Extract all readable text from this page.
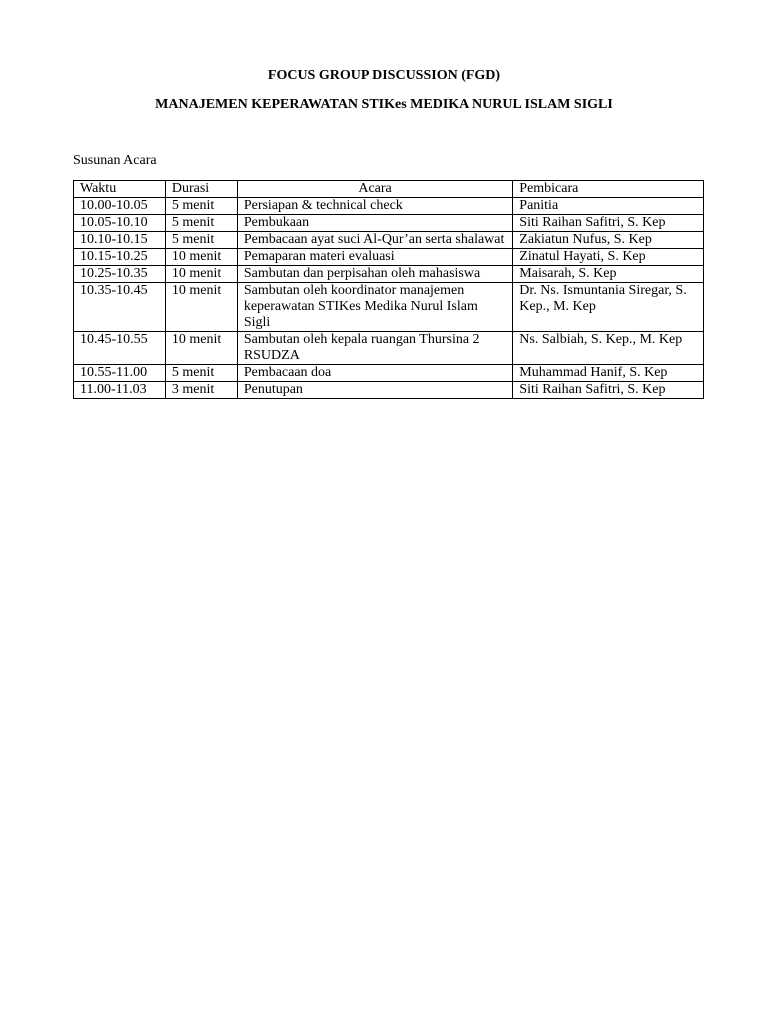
FOCUS GROUP DISCUSSION (FGD)

MANAJEMEN KEPERAWATAN STIKes MEDIKA NURUL ISLAM SIGLI

Susunan Acara

Waktu	Durasi	Acara	Pembicara
10.00-10.05	5 menit	Persiapan & technical check	Panitia
10.05-10.10	5 menit	Pembukaan	Siti Raihan Safitri, S. Kep
10.10-10.15	5 menit	Pembacaan ayat suci Al-Qur’an serta shalawat	Zakiatun Nufus, S. Kep
10.15-10.25	10 menit	Pemaparan materi evaluasi	Zinatul Hayati, S. Kep
10.25-10.35	10 menit	Sambutan dan perpisahan oleh mahasiswa	Maisarah, S. Kep
10.35-10.45	10 menit	Sambutan oleh koordinator manajemen keperawatan STIKes Medika Nurul Islam Sigli	Dr. Ns. Ismuntania Siregar, S. Kep., M. Kep
10.45-10.55	10 menit	Sambutan oleh kepala ruangan Thursina 2 RSUDZA	Ns. Salbiah, S. Kep., M. Kep
10.55-11.00	5 menit	Pembacaan doa	Muhammad Hanif, S. Kep
11.00-11.03	3 menit	Penutupan	Siti Raihan Safitri, S. Kep
